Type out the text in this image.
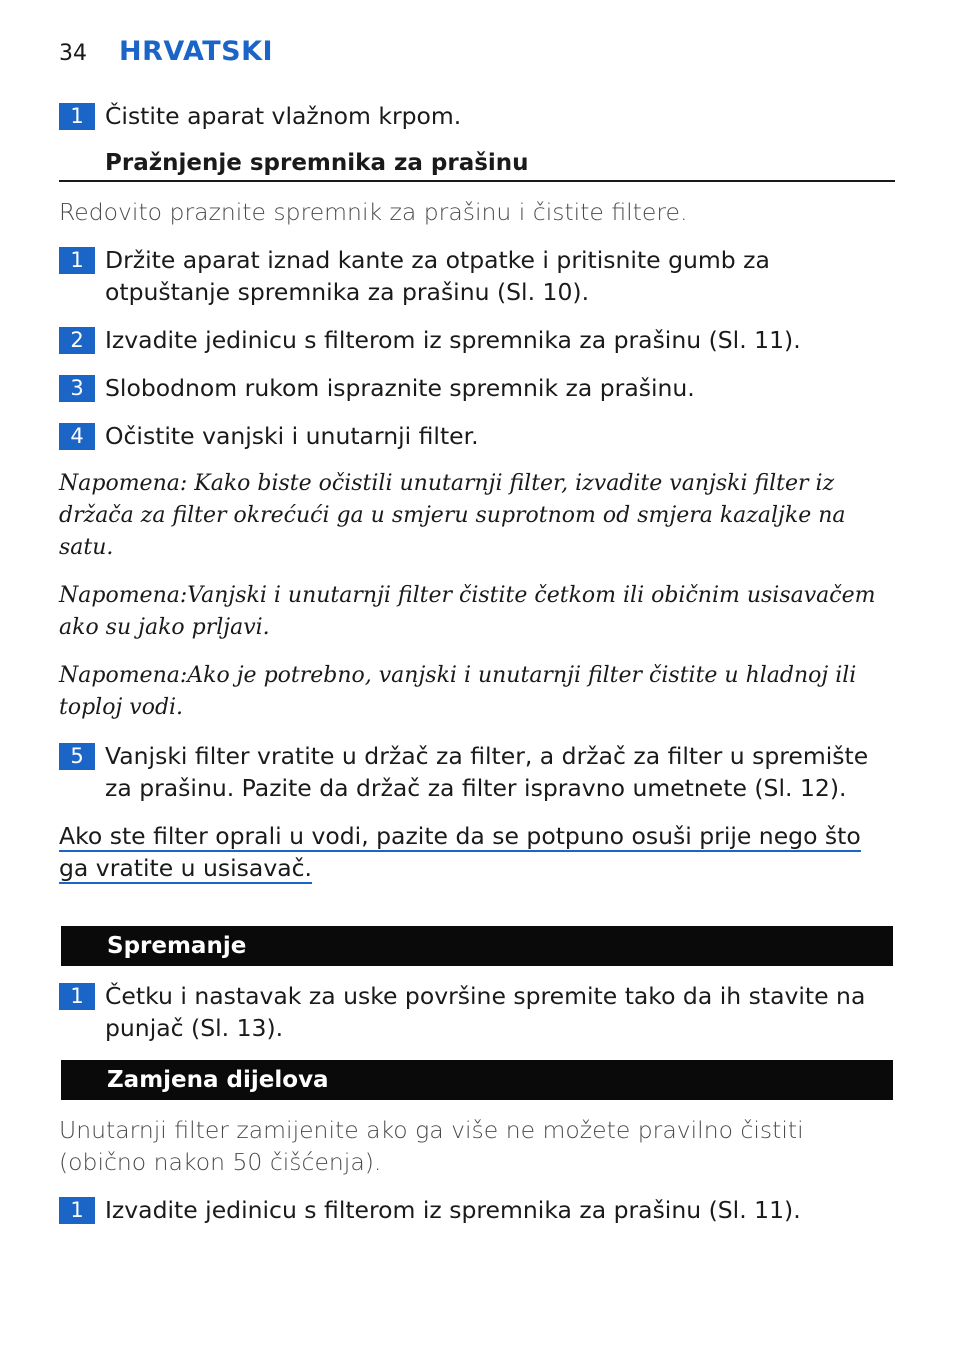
34	HRVATSKI
1 Čistite aparat vlažnom krpom.
Pražnjenje spremnika za prašinu
Redovito praznite spremnik za prašinu i čistite filtere.
1 Držite aparat iznad kante za otpatke i pritisnite gumb za otpuštanje spremnika za prašinu (Sl. 10).
2 Izvadite jedinicu s filterom iz spremnika za prašinu (Sl. 11).
3 Slobodnom rukom ispraznite spremnik za prašinu.
4 Očistite vanjski i unutarnji filter.
Napomena: Kako biste očistili unutarnji filter, izvadite vanjski filter iz držača za filter okrećući ga u smjeru suprotnom od smjera kazaljke na satu.
Napomena:Vanjski i unutarnji filter čistite četkom ili običnim usisavačem ako su jako prljavi.
Napomena:Ako je potrebno, vanjski i unutarnji filter čistite u hladnoj ili toploj vodi.
5 Vanjski filter vratite u držač za filter, a držač za filter u spremište za prašinu. Pazite da držač za filter ispravno umetnete (Sl. 12).
Ako ste filter oprali u vodi, pazite da se potpuno osuši prije nego što ga vratite u usisavač.
Spremanje
1 Četku i nastavak za uske površine spremite tako da ih stavite na punjač (Sl. 13).
Zamjena dijelova
Unutarnji filter zamijenite ako ga više ne možete pravilno čistiti (obično nakon 50 čišćenja).
1 Izvadite jedinicu s filterom iz spremnika za prašinu (Sl. 11).
